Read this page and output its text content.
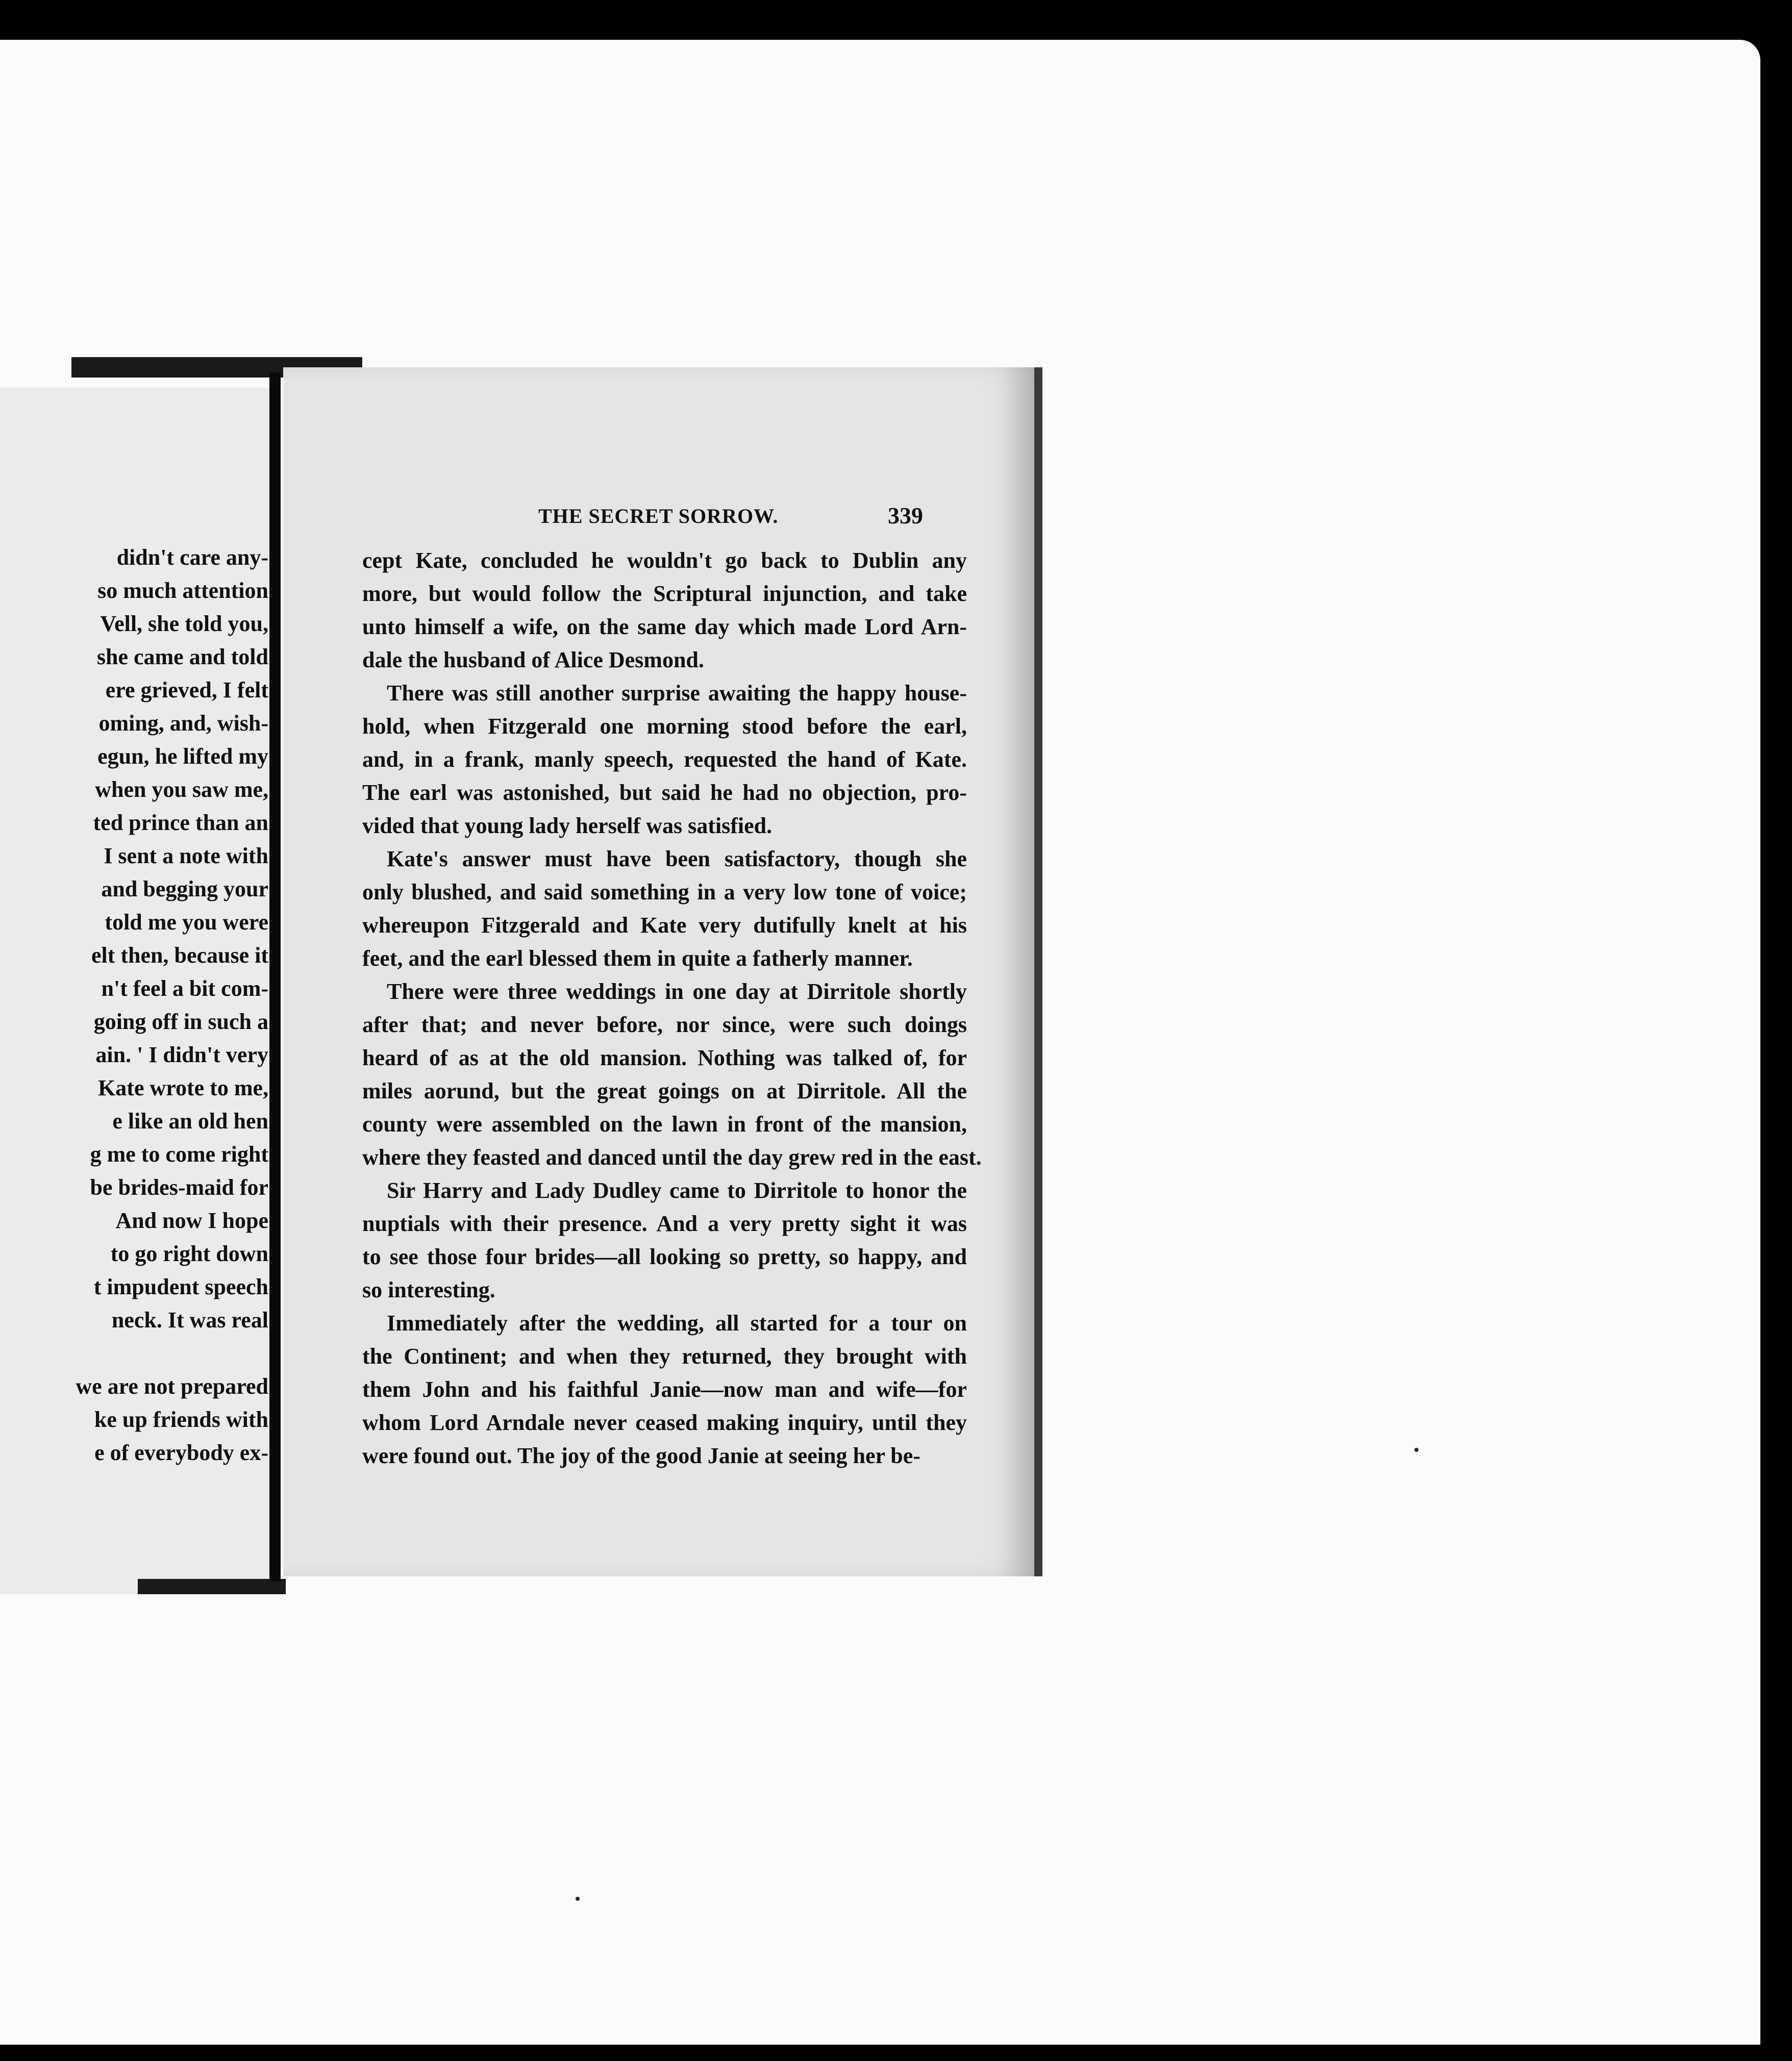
didn't care any-
so much attention
Vell, she told you,
she came and told
ere grieved, I felt
oming, and, wish-
egun, he lifted my
when you saw me,
ted prince than an
I sent a note with
and begging your
told me you were
elt then, because it
n't feel a bit com-
going off in such a
ain. ' I didn't very
Kate wrote to me,
e like an old hen
g me to come right
be brides-maid for
And now I hope
to go right down
t impudent speech
neck. It was real

we are not prepared
ke up friends with
e of everybody ex-
THE SECRET SORROW.	339
cept Kate, concluded he wouldn't go back to Dublin any
more, but would follow the Scriptural injunction, and take
unto himself a wife, on the same day which made Lord Arn-
dale the husband of Alice Desmond.
There was still another surprise awaiting the happy house-
hold, when Fitzgerald one morning stood before the earl,
and, in a frank, manly speech, requested the hand of Kate.
The earl was astonished, but said he had no objection, pro-
vided that young lady herself was satisfied.
Kate's answer must have been satisfactory, though she
only blushed, and said something in a very low tone of voice;
whereupon Fitzgerald and Kate very dutifully knelt at his
feet, and the earl blessed them in quite a fatherly manner.
There were three weddings in one day at Dirritole shortly
after that; and never before, nor since, were such doings
heard of as at the old mansion. Nothing was talked of, for
miles aorund, but the great goings on at Dirritole. All the
county were assembled on the lawn in front of the mansion,
where they feasted and danced until the day grew red in the east.
Sir Harry and Lady Dudley came to Dirritole to honor the
nuptials with their presence. And a very pretty sight it was
to see those four brides—all looking so pretty, so happy, and
so interesting.
Immediately after the wedding, all started for a tour on
the Continent; and when they returned, they brought with
them John and his faithful Janie—now man and wife—for
whom Lord Arndale never ceased making inquiry, until they
were found out. The joy of the good Janie at seeing her be-
